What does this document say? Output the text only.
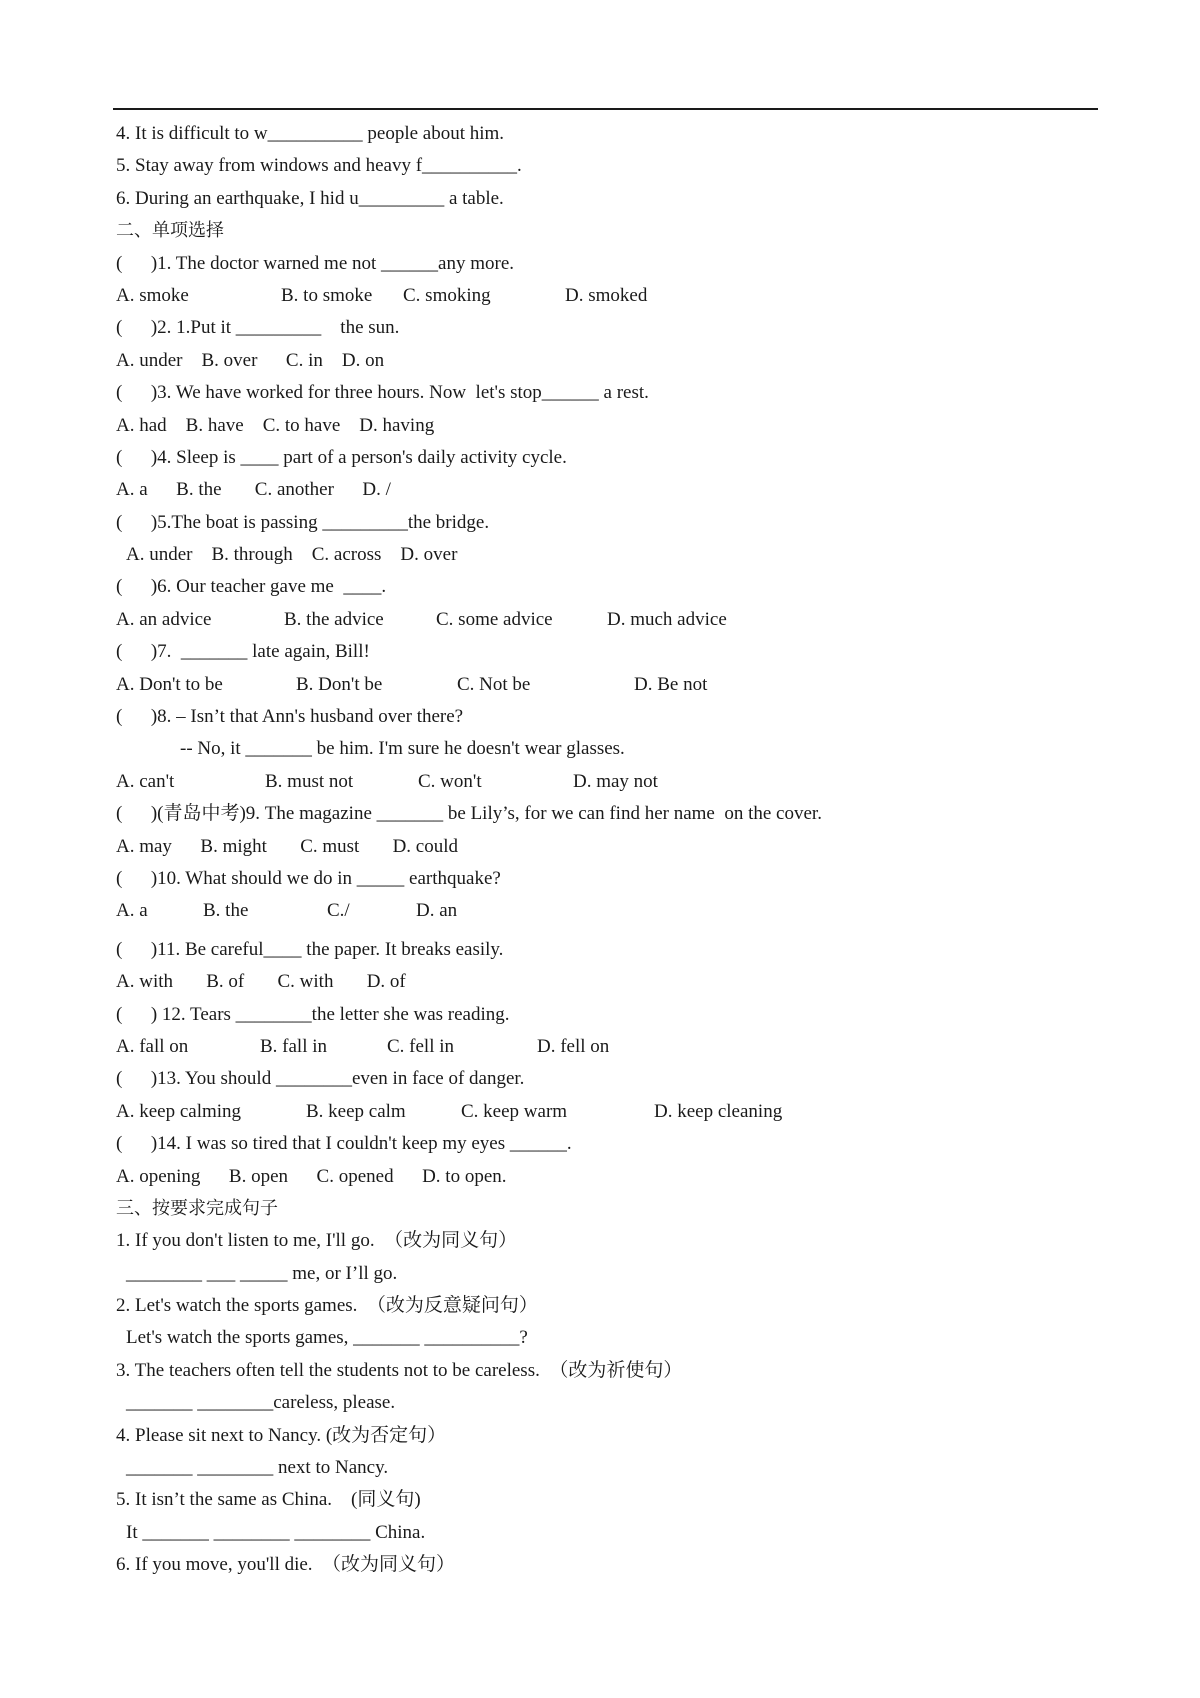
4. It is difficult to w__________ people about him.
5. Stay away from windows and heavy f__________.
6. During an earthquake, I hid u_________ a table.
二、单项选择
(      )1. The doctor warned me not ______any more.

A. smoke

	B. to smoke

C. smoking

	D. smoked

(      )2. 1.Put it _________    the sun.
A. under    B. over      C. in    D. on
(      )3. We have worked for three hours. Now  let's stop______ a rest.
A. had    B. have    C. to have    D. having
(      )4. Sleep is ____ part of a person's daily activity cycle.
A. a      B. the       C. another      D. /
(      )5.The boat is passing _________the bridge.
A. under    B. through    C. across    D. over
(      )6. Our teacher gave me  ____.

A. an advice

	B. the advice

	C. some advice

	D. much advice

(      )7.  _______ late again, Bill!

A. Don't to be

	B. Don't be

	C. Not be

	D. Be not

(      )8. – Isn’t that Ann's husband over there?
-- No, it _______ be him. I'm sure he doesn't wear glasses.

A. can't

	B. must not

	C. won't

	D. may not

(      )(青岛中考)9. The magazine _______ be Lily’s, for we can find her name  on the cover.
A. may      B. might       C. must       D. could
(      )10. What should we do in _____ earthquake?

A. a

	B. the

	C./

	D. an

(      )11. Be careful____ the paper. It breaks easily.
A. with       B. of       C. with       D. of
(      ) 12. Tears ________the letter she was reading.

A. fall on

	B. fall in

	C. fell in

	D. fell on

(      )13. You should ________even in face of danger.

A. keep calming

	B. keep calm

	C. keep warm

	D. keep cleaning

(      )14. I was so tired that I couldn't keep my eyes ______.
A. opening      B. open      C. opened      D. to open.
三、按要求完成句子
1. If you don't listen to me, I'll go.  （改为同义句）
________ ___ _____ me, or I’ll go.
2. Let's watch the sports games.  （改为反意疑问句）
Let's watch the sports games, _______ __________?
3. The teachers often tell the students not to be careless.  （改为祈使句）
_______ ________careless, please.
4. Please sit next to Nancy. (改为否定句）
_______ ________ next to Nancy.
5. It isn’t the same as China.    (同义句)
It _______ ________ ________ China.
6. If you move, you'll die.  （改为同义句）
